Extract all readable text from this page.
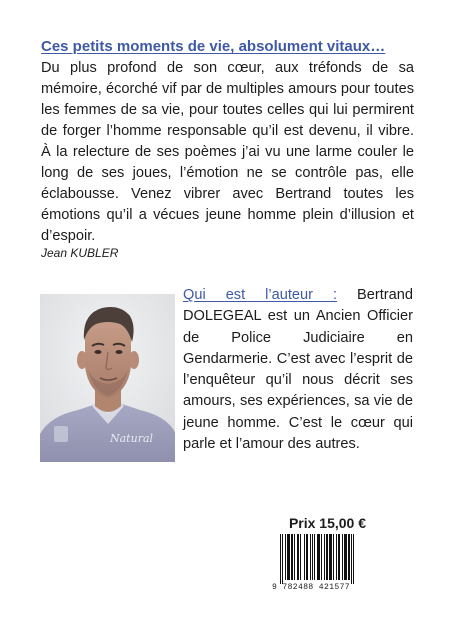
Ces petits moments de vie, absolument vitaux…

Du plus profond de son cœur, aux tréfonds de sa mémoire, écorché vif par de multiples amours pour toutes les femmes de sa vie, pour toutes celles qui lui permirent de forger l’homme responsable qu’il est devenu, il vibre. À la relecture de ses poèmes j’ai vu une larme couler le long de ses joues, l’émotion ne se contrôle pas, elle éclabousse. Venez vibrer avec Bertrand toutes les émotions qu’il a vécues jeune homme plein d’illusion et d’espoir.

Jean KUBLER
Natural

Qui est l’auteur : Bertrand DOLEGEAL est un Ancien Officier de Police Judiciaire en Gendarmerie. C’est avec l’esprit de l’enquêteur qu’il nous décrit ses amours, ses expériences, sa vie de jeune homme. C’est le cœur qui parle et l’amour des autres.

Prix 15,00 €
9 782488 421577
